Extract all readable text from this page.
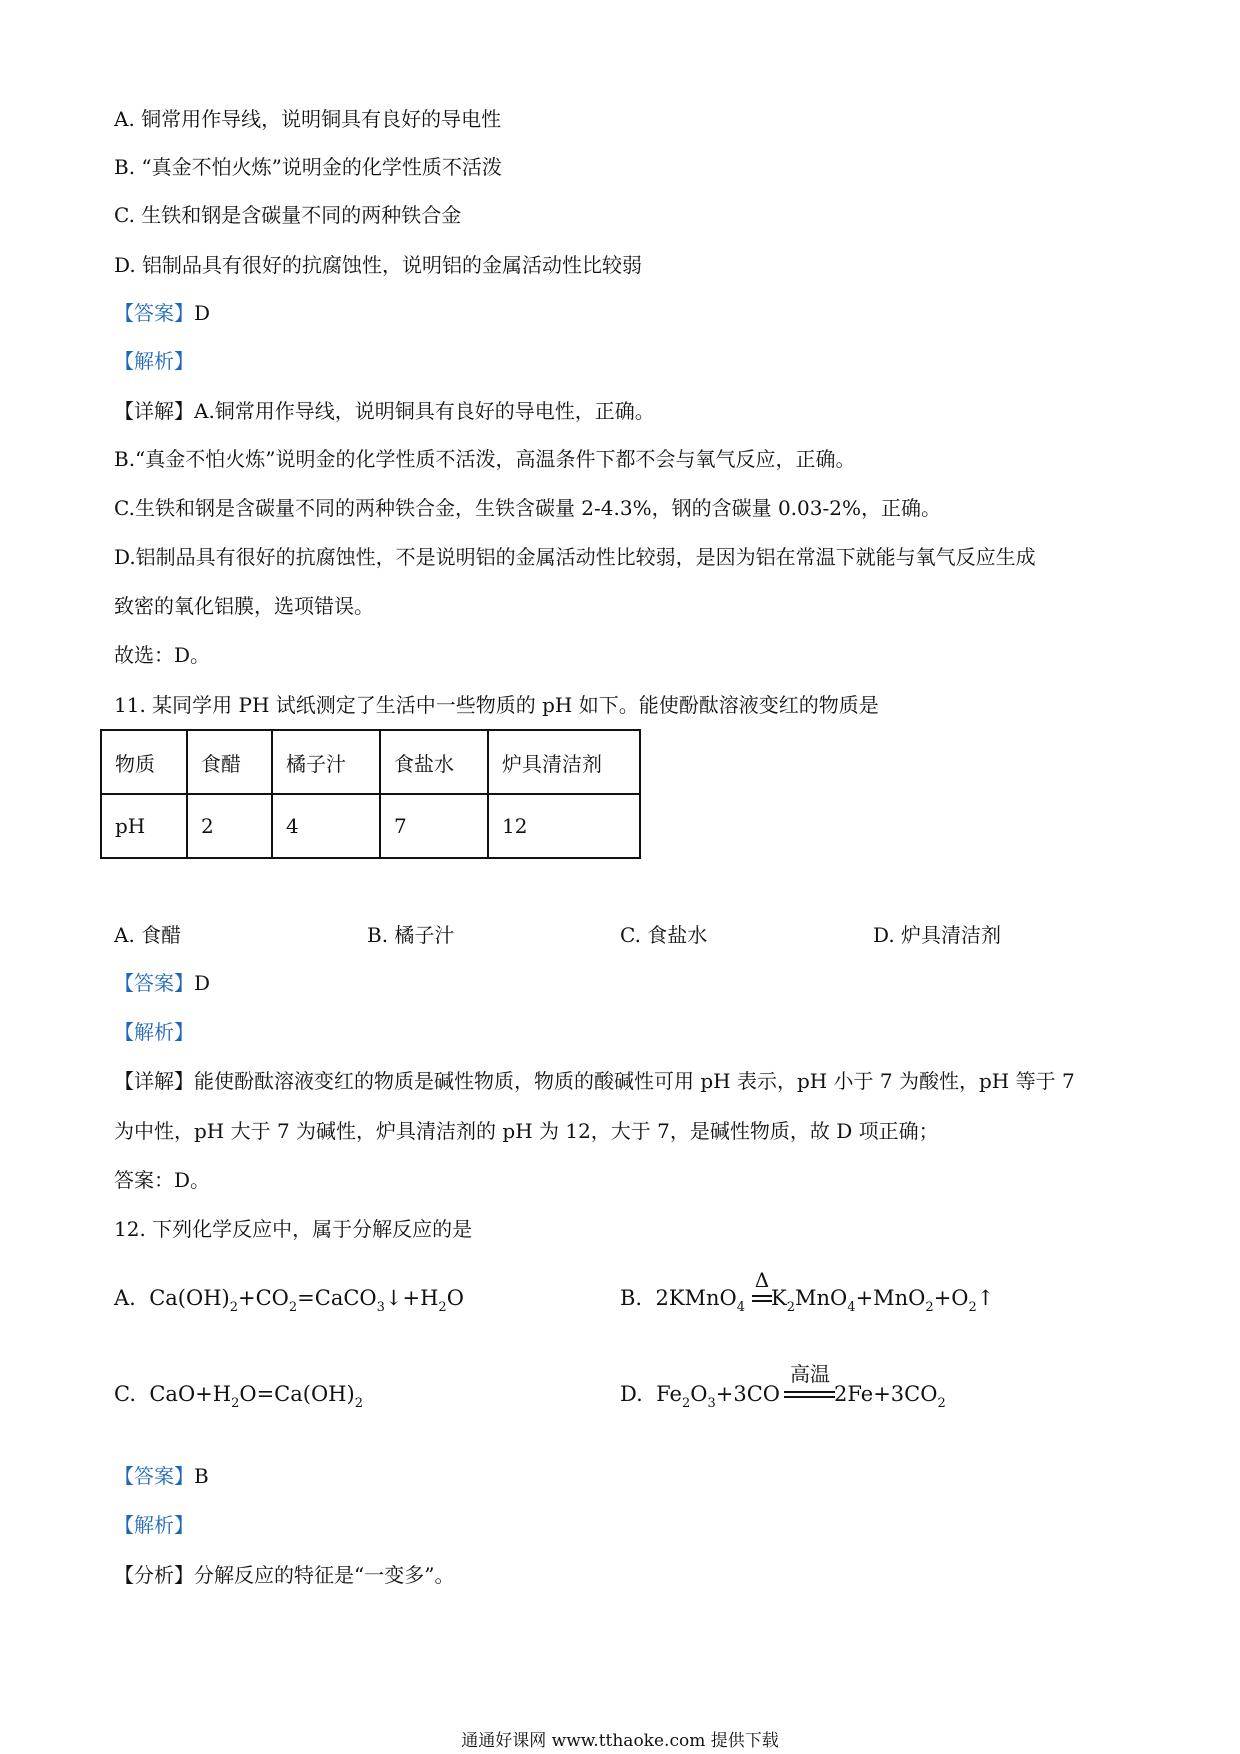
A. 铜常用作导线，说明铜具有良好的导电性
B. “真金不怕火炼”说明金的化学性质不活泼
C. 生铁和钢是含碳量不同的两种铁合金
D. 铝制品具有很好的抗腐蚀性，说明铝的金属活动性比较弱
【答案】D
【解析】
【详解】A.铜常用作导线，说明铜具有良好的导电性，正确。
B.“真金不怕火炼”说明金的化学性质不活泼，高温条件下都不会与氧气反应，正确。
C.生铁和钢是含碳量不同的两种铁合金，生铁含碳量 2-4.3%，钢的含碳量 0.03-2%，正确。
D.铝制品具有很好的抗腐蚀性，不是说明铝的金属活动性比较弱，是因为铝在常温下就能与氧气反应生成
致密的氧化铝膜，选项错误。
故选：D。
11. 某同学用 PH 试纸测定了生活中一些物质的 pH 如下。能使酚酞溶液变红的物质是
物质	食醋	橘子汁	食盐水	炉具清洁剂
pH	2	4	7	12
A. 食醋	B. 橘子汁	C. 食盐水	D. 炉具清洁剂
【答案】D
【解析】
【详解】能使酚酞溶液变红的物质是碱性物质，物质的酸碱性可用 pH 表示，pH 小于 7 为酸性，pH 等于 7
为中性，pH 大于 7 为碱性，炉具清洁剂的 pH 为 12，大于 7，是碱性物质，故 D 项正确；
答案：D。
12. 下列化学反应中，属于分解反应的是
A.  $Ca(OH)_2+CO_2=CaCO_3↓+H_2O$	B.  2KMnO$_4$ $K_2MnO_4+MnO_2+O_2↑$
Δ
C.  $CaO+H_2O=Ca(OH)_2$	D.  $Fe_2O_3+3CO$	$2Fe+3CO_2$
高温
【答案】B
【解析】
【分析】分解反应的特征是“一变多”。
通通好课网 www.tthaoke.com 提供下载
